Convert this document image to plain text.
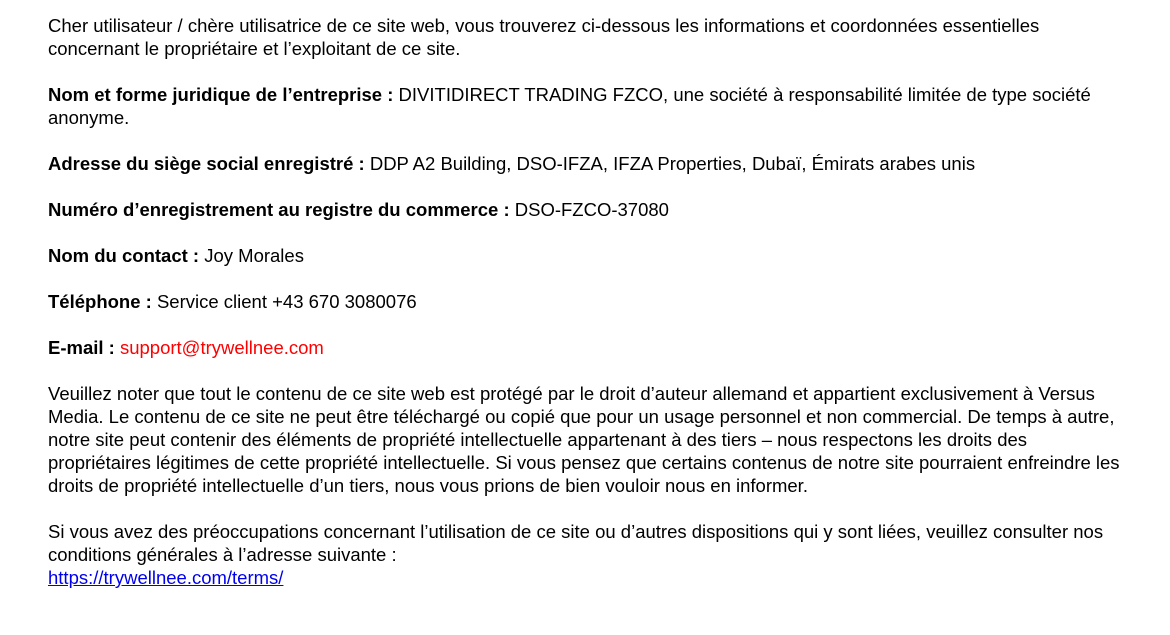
Cher utilisateur / chère utilisatrice de ce site web, vous trouverez ci-dessous les informations et coordonnées essentielles concernant le propriétaire et l’exploitant de ce site.

Nom et forme juridique de l’entreprise : DIVITIDIRECT TRADING FZCO, une société à responsabilité limitée de type société anonyme.

Adresse du siège social enregistré : DDP A2 Building, DSO-IFZA, IFZA Properties, Dubaï, Émirats arabes unis

Numéro d’enregistrement au registre du commerce : DSO-FZCO-37080

Nom du contact : Joy Morales

Téléphone : Service client +43 670 3080076

E-mail : support@trywellnee.com

Veuillez noter que tout le contenu de ce site web est protégé par le droit d’auteur allemand et appartient exclusivement à Versus Media. Le contenu de ce site ne peut être téléchargé ou copié que pour un usage personnel et non commercial. De temps à autre, notre site peut contenir des éléments de propriété intellectuelle appartenant à des tiers – nous respectons les droits des propriétaires légitimes de cette propriété intellectuelle. Si vous pensez que certains contenus de notre site pourraient enfreindre les droits de propriété intellectuelle d’un tiers, nous vous prions de bien vouloir nous en informer.

Si vous avez des préoccupations concernant l’utilisation de ce site ou d’autres dispositions qui y sont liées, veuillez consulter nos conditions générales à l’adresse suivante :
https://trywellnee.com/terms/
